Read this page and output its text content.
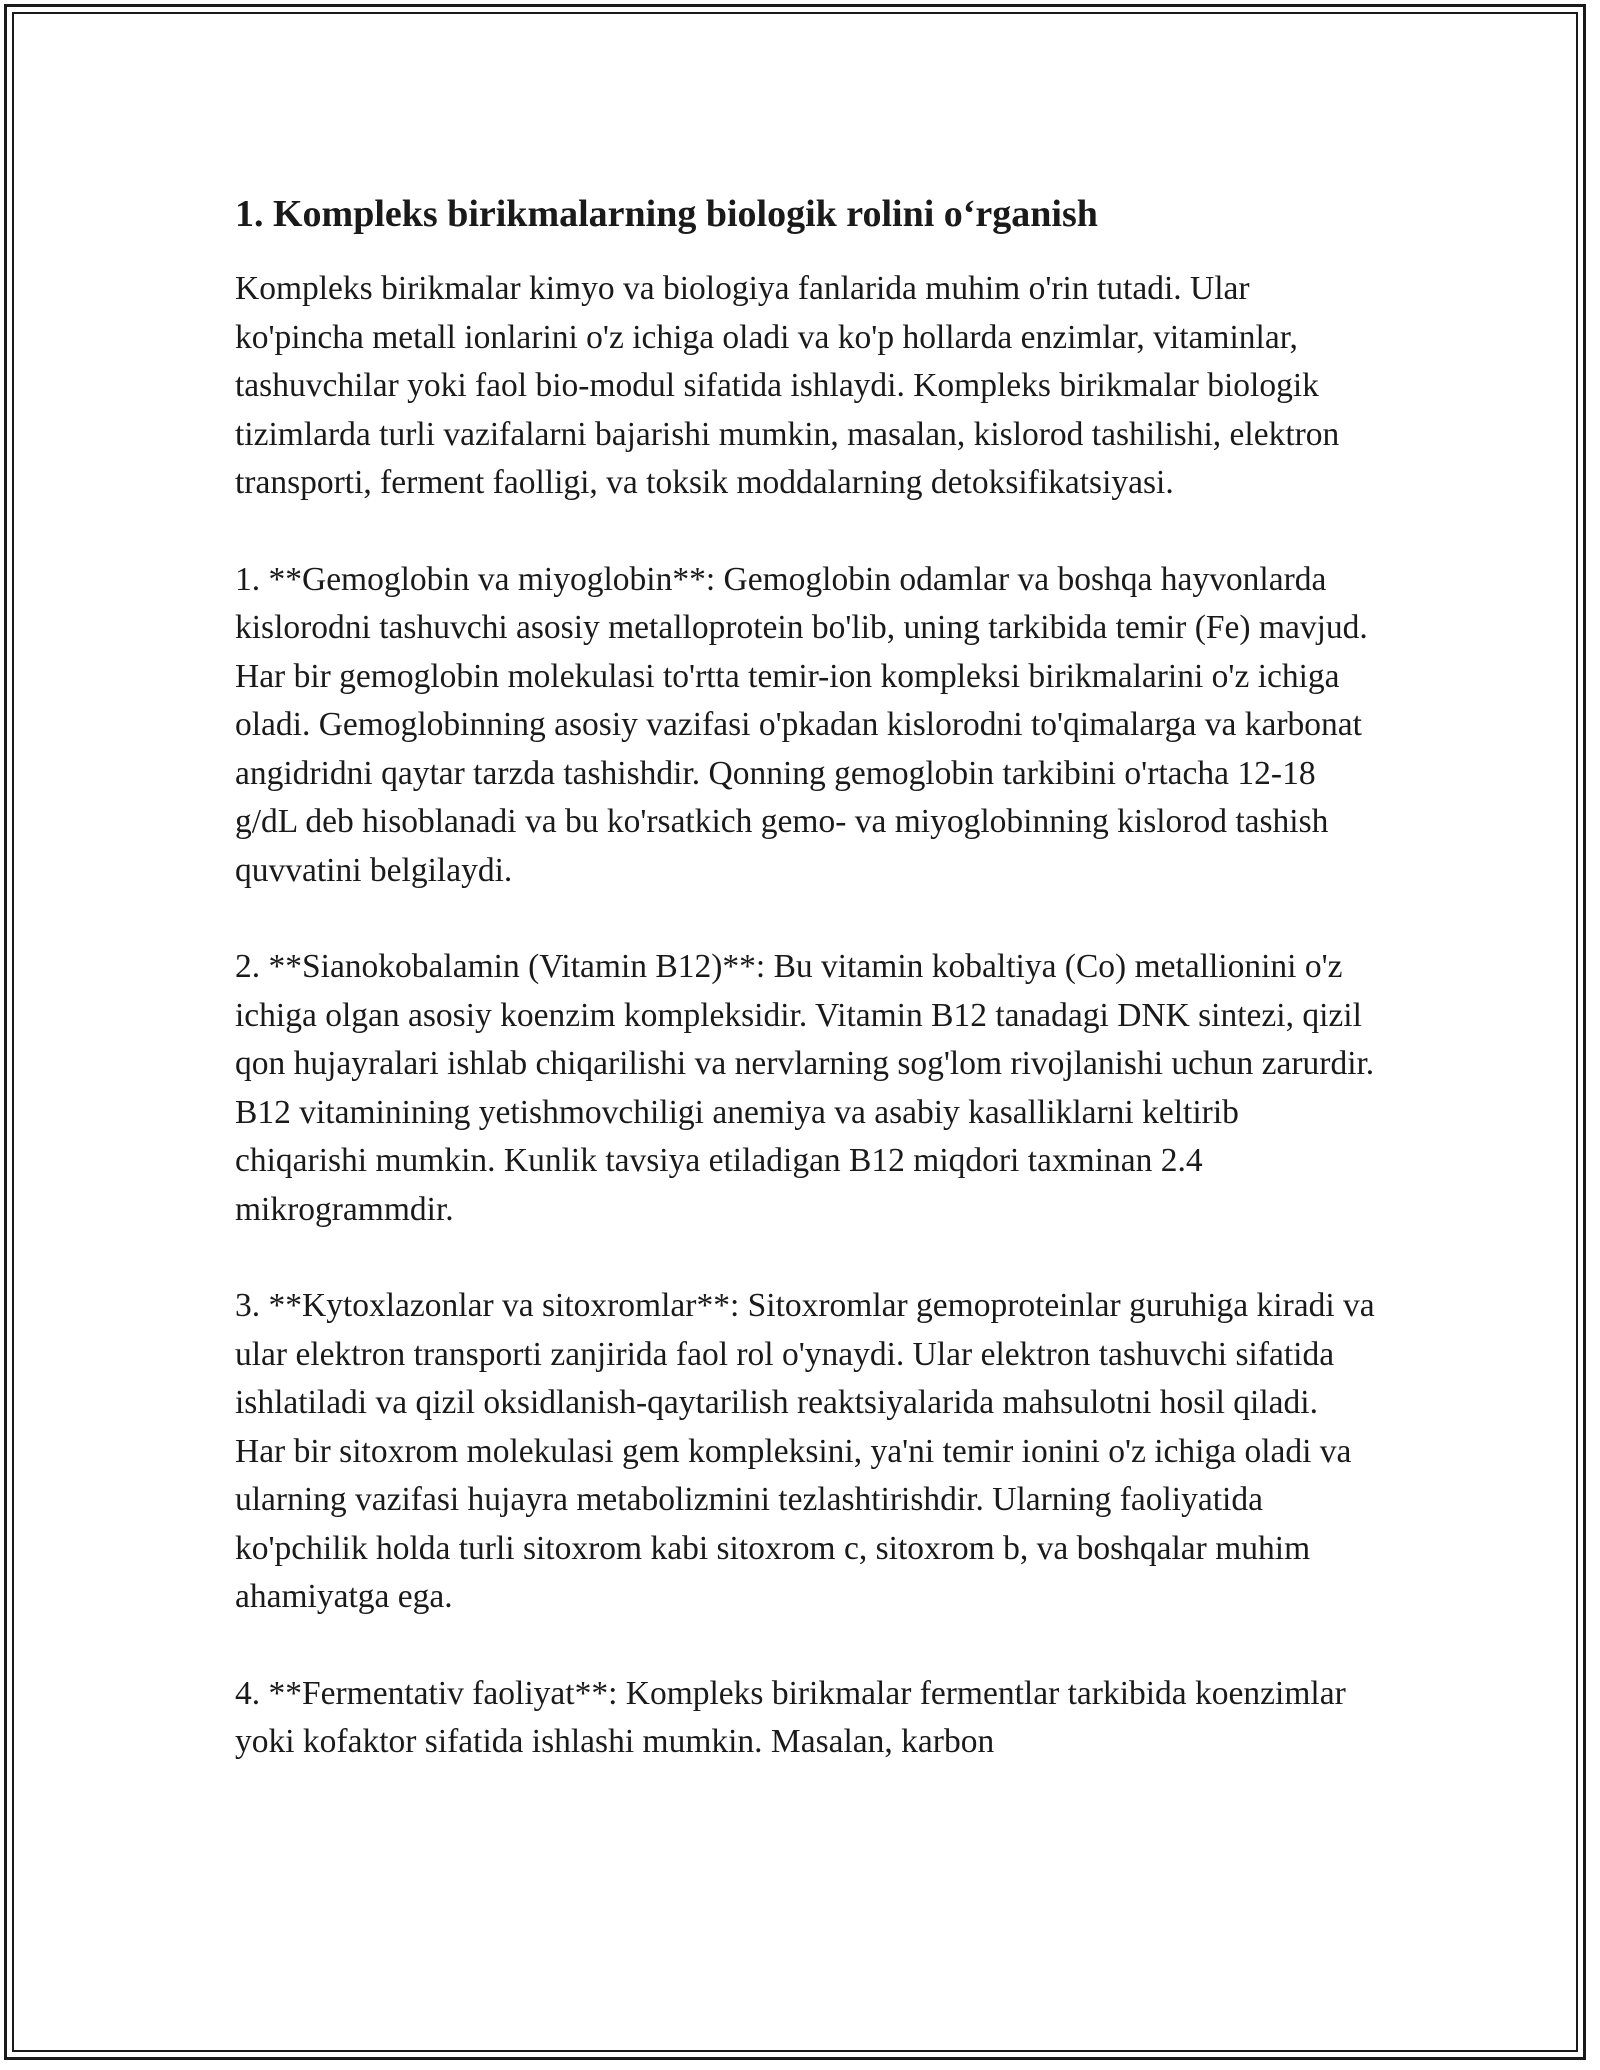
1. Kompleks birikmalarning biologik rolini o‘rganish

Kompleks birikmalar kimyo va biologiya fanlarida muhim o'rin tutadi. Ular ko'pincha metall ionlarini o'z ichiga oladi va ko'p hollarda enzimlar, vitaminlar, tashuvchilar yoki faol bio-modul sifatida ishlaydi. Kompleks birikmalar biologik tizimlarda turli vazifalarni bajarishi mumkin, masalan, kislorod tashilishi, elektron transporti, ferment faolligi, va toksik moddalarning detoksifikatsiyasi.

1. **Gemoglobin va miyoglobin**: Gemoglobin odamlar va boshqa hayvonlarda kislorodni tashuvchi asosiy metalloprotein bo'lib, uning tarkibida temir (Fe) mavjud. Har bir gemoglobin molekulasi to'rtta temir-ion kompleksi birikmalarini o'z ichiga oladi. Gemoglobinning asosiy vazifasi o'pkadan kislorodni to'qimalarga va karbonat angidridni qaytar tarzda tashishdir. Qonning gemoglobin tarkibini o'rtacha 12-18 g/dL deb hisoblanadi va bu ko'rsatkich gemo- va miyoglobinning kislorod tashish quvvatini belgilaydi.

2. **Sianokobalamin (Vitamin B12)**: Bu vitamin kobaltiya (Co) metallionini o'z ichiga olgan asosiy koenzim kompleksidir. Vitamin B12 tanadagi DNK sintezi, qizil qon hujayralari ishlab chiqarilishi va nervlarning sog'lom rivojlanishi uchun zarurdir. B12 vitaminining yetishmovchiligi anemiya va asabiy kasalliklarni keltirib chiqarishi mumkin. Kunlik tavsiya etiladigan B12 miqdori taxminan 2.4 mikrogrammdir.

3. **Kytoxlazonlar va sitoxromlar**: Sitoxromlar gemoproteinlar guruhiga kiradi va ular elektron transporti zanjirida faol rol o'ynaydi. Ular elektron tashuvchi sifatida ishlatiladi va qizil oksidlanish-qaytarilish reaktsiyalarida mahsulotni hosil qiladi. Har bir sitoxrom molekulasi gem kompleksini, ya'ni temir ionini o'z ichiga oladi va ularning vazifasi hujayra metabolizmini tezlashtirishdir. Ularning faoliyatida ko'pchilik holda turli sitoxrom kabi sitoxrom c, sitoxrom b, va boshqalar muhim ahamiyatga ega.

4. **Fermentativ faoliyat**: Kompleks birikmalar fermentlar tarkibida koenzimlar yoki kofaktor sifatida ishlashi mumkin. Masalan, karbon
